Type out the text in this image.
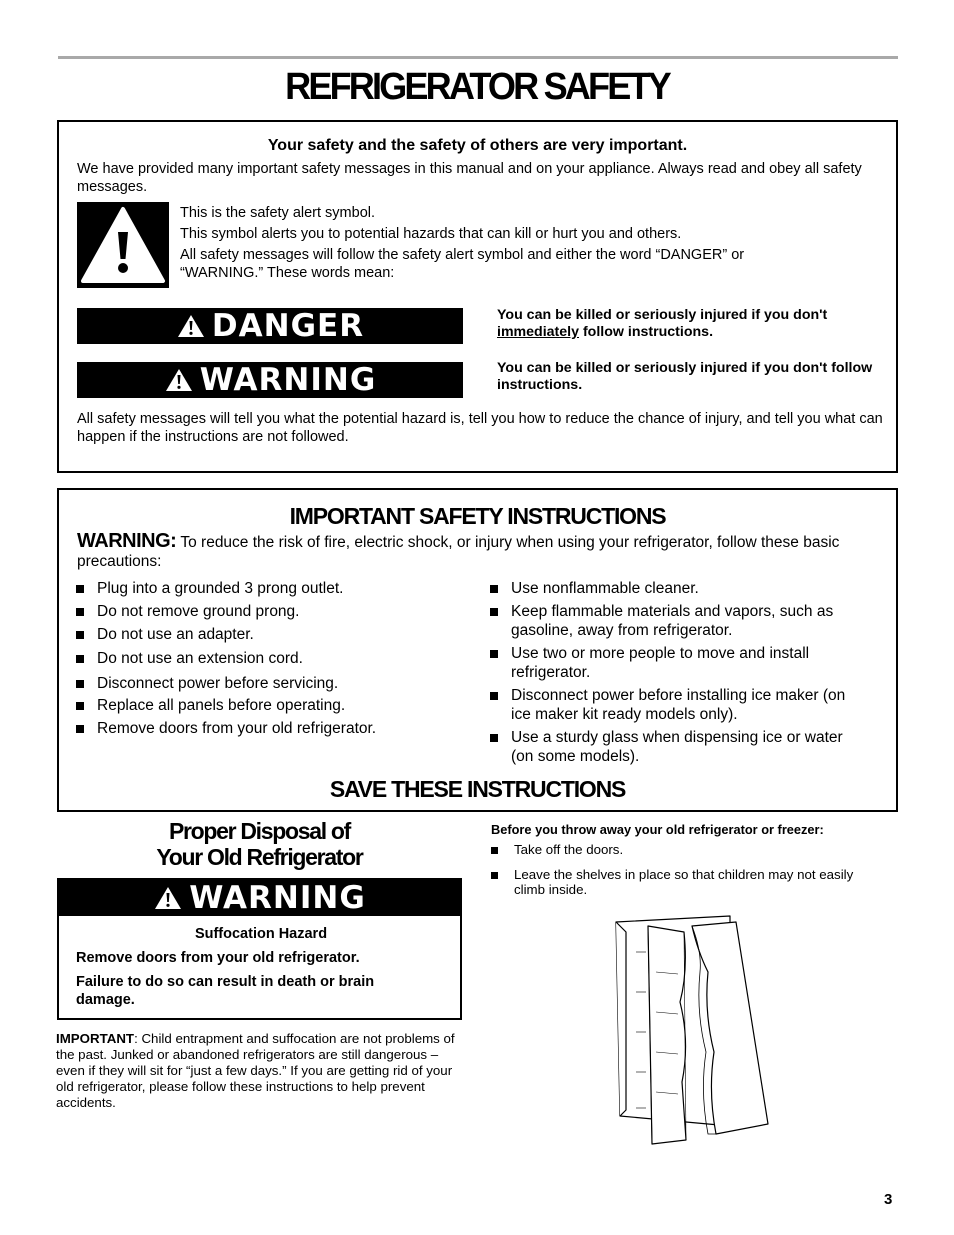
REFRIGERATOR SAFETY
Your safety and the safety of others are very important.
We have provided many important safety messages in this manual and on your appliance. Always read and obey all safety messages.

This is the safety alert symbol.

This symbol alerts you to potential hazards that can kill or hurt you and others.

All safety messages will follow the safety alert symbol and either the word “DANGER” or “WARNING.” These words mean:

DANGER	You can be killed or seriously injured if you don't immediately follow instructions.
WARNING	You can be killed or seriously injured if you don't follow instructions.
All safety messages will tell you what the potential hazard is, tell you how to reduce the chance of injury, and tell you what can happen if the instructions are not followed.
IMPORTANT SAFETY INSTRUCTIONS
WARNING: To reduce the risk of fire, electric shock, or injury when using your refrigerator, follow these basic precautions:
Plug into a grounded 3 prong outlet.
Do not remove ground prong.
Do not use an adapter.
Do not use an extension cord.
Disconnect power before servicing.
Replace all panels before operating.
Remove doors from your old refrigerator.
Use nonflammable cleaner.
Keep flammable materials and vapors, such as gasoline, away from refrigerator.
Use two or more people to move and install refrigerator.
Disconnect power before installing ice maker (on ice maker kit ready models only).
Use a sturdy glass when dispensing ice or water (on some models).
SAVE THESE INSTRUCTIONS
Proper Disposal of
Your Old Refrigerator
WARNING
Suffocation Hazard
Remove doors from your old refrigerator.
Failure to do so can result in death or brain damage.
IMPORTANT: Child entrapment and suffocation are not problems of the past. Junked or abandoned refrigerators are still dangerous – even if they will sit for “just a few days.” If you are getting rid of your old refrigerator, please follow these instructions to help prevent accidents.
Before you throw away your old refrigerator or freezer:
Take off the doors.
Leave the shelves in place so that children may not easily climb inside.
3
